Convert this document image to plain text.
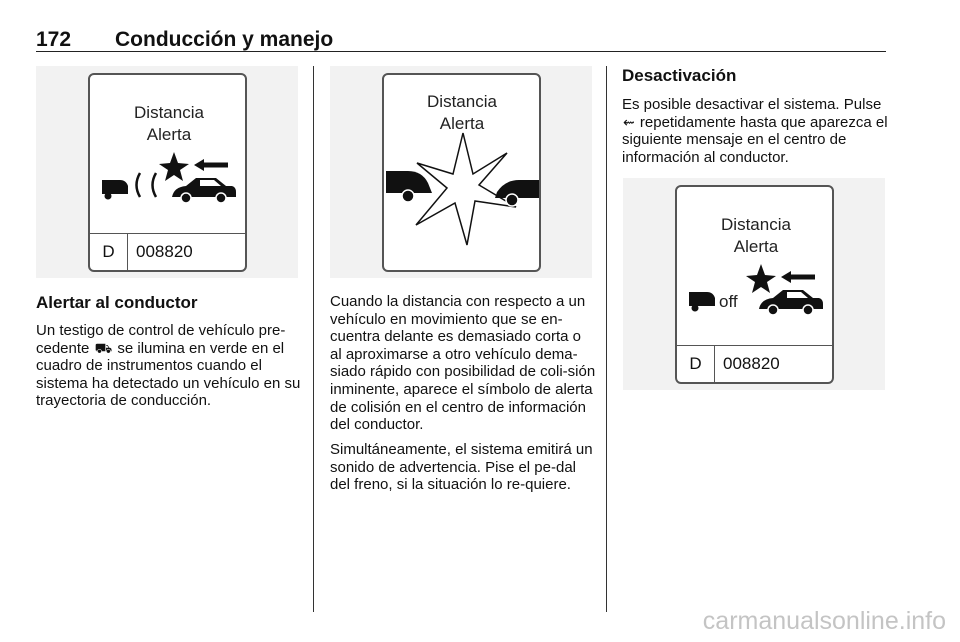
172 Conducción y manejo
Distancia
Alerta
D	008820
Distancia
Alerta
Distancia
Alerta
off
D	008820
Alertar al conductor

Un testigo de control de vehículo pre-cedente ⛟ se ilumina en verde en el cuadro de instrumentos cuando el sistema ha detectado un vehículo en su trayectoria de conducción.

Cuando la distancia con respecto a un vehículo en movimiento que se en-cuentra delante es demasiado corta o al aproximarse a otro vehículo dema-siado rápido con posibilidad de coli-sión inminente, aparece el símbolo de alerta de colisión en el centro de información del conductor.

Simultáneamente, el sistema emitirá un sonido de advertencia. Pise el pe-dal del freno, si la situación lo re-quiere.

Desactivación

Es posible desactivar el sistema. Pulse ⇜ repetidamente hasta que aparezca el siguiente mensaje en el centro de información al conductor.

carmanualsonline.info
